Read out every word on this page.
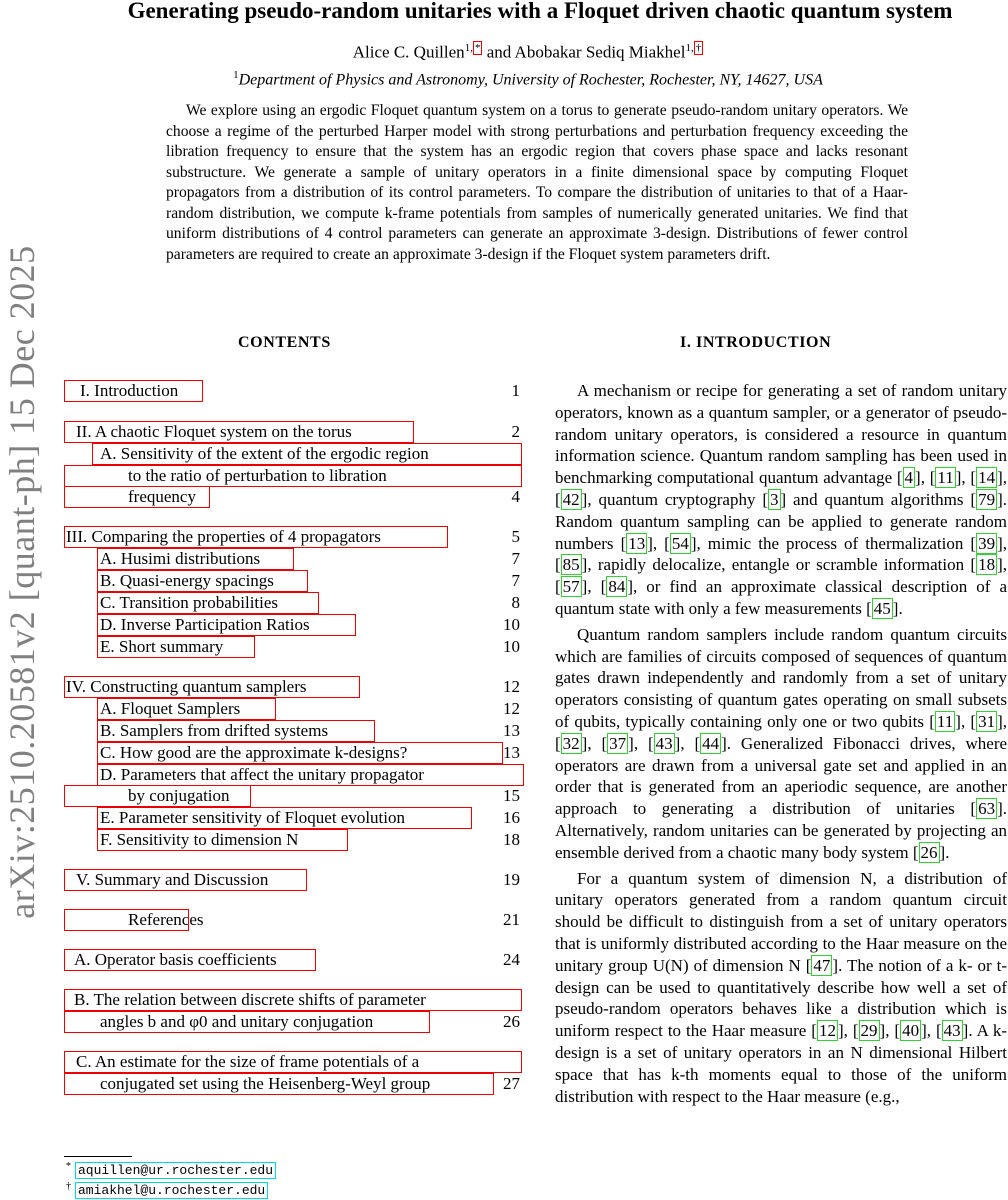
arXiv:2510.20581v2 [quant-ph] 15 Dec 2025
Generating pseudo-random unitaries with a Floquet driven chaotic quantum system
Alice C. Quillen$^{1, *}$ and Abobakar Sediq Miakhel$^{1, \dagger}$
$^1$Department of Physics and Astronomy, University of Rochester, Rochester, NY, 14627, USA

We explore using an ergodic Floquet quantum system on a torus to generate pseudo-random unitary operators. We choose a regime of the perturbed Harper model with strong perturbations and perturbation frequency exceeding the libration frequency to ensure that the system has an ergodic region that covers phase space and lacks resonant substructure. We generate a sample of unitary operators in a finite dimensional space by computing Floquet propagators from a distribution of its control parameters. To compare the distribution of unitaries to that of a Haar-random distribution, we compute k-frame potentials from samples of numerically generated unitaries. We find that uniform distributions of 4 control parameters can generate an approximate 3-design. Distributions of fewer control parameters are required to create an approximate 3-design if the Floquet system parameters drift.

CONTENTS	I. INTRODUCTION
I. Introduction	1
II. A chaotic Floquet system on the torus	2
A. Sensitivity of the extent of the ergodic region
to the ratio of perturbation to libration
frequency	4
III. Comparing the properties of 4 propagators	5
A. Husimi distributions	7
B. Quasi-energy spacings	7
C. Transition probabilities	8
D. Inverse Participation Ratios	10
E. Short summary	10
IV. Constructing quantum samplers	12
A. Floquet Samplers	12
B. Samplers from drifted systems	13
C. How good are the approximate k-designs?	13
D. Parameters that affect the unitary propagator
by conjugation	15
E. Parameter sensitivity of Floquet evolution	16
F. Sensitivity to dimension N	18
V. Summary and Discussion	19
References	21
A. Operator basis coefficients	24
B. The relation between discrete shifts of parameter
angles b and φ0 and unitary conjugation	26
C. An estimate for the size of frame potentials of a
conjugated set using the Heisenberg-Weyl group	27
* aquillen@ur.rochester.edu
† amiakhel@u.rochester.edu

A mechanism or recipe for generating a set of random unitary operators, known as a quantum sampler, or a generator of pseudo-random unitary operators, is considered a resource in quantum information science. Quantum random sampling has been used in benchmarking computational quantum advantage [ 4 ], [ 11 ], [ 14 ], [ 42 ], quantum cryptography [ 3 ] and quantum algorithms [ 79 ]. Random quantum sampling can be applied to generate random numbers [ 13 ], [ 54 ], mimic the process of thermalization [ 39 ], [ 85 ], rapidly delocalize, entangle or scramble information [ 18 ], [ 57 ], [ 84 ], or find an approximate classical description of a quantum state with only a few measurements [ 45 ].

Quantum random samplers include random quantum circuits which are families of circuits composed of sequences of quantum gates drawn independently and randomly from a set of unitary operators consisting of quantum gates operating on small subsets of qubits, typically containing only one or two qubits [ 11 ], [ 31 ], [ 32 ], [ 37 ], [ 43 ], [ 44 ]. Generalized Fibonacci drives, where operators are drawn from a universal gate set and applied in an order that is generated from an aperiodic sequence, are another approach to generating a distribution of unitaries [ 63 ]. Alternatively, random unitaries can be generated by projecting an ensemble derived from a chaotic many body system [ 26 ].

For a quantum system of dimension N, a distribution of unitary operators generated from a random quantum circuit should be difficult to distinguish from a set of unitary operators that is uniformly distributed according to the Haar measure on the unitary group U(N) of dimension N [ 47 ]. The notion of a k- or t-design can be used to quantitatively describe how well a set of pseudo-random operators behaves like a distribution which is uniform respect to the Haar measure [ 12 ], [ 29 ], [ 40 ], [ 43 ]. A k-design is a set of unitary operators in an N dimensional Hilbert space that has k-th moments equal to those of the uniform distribution with respect to the Haar measure (e.g.,
